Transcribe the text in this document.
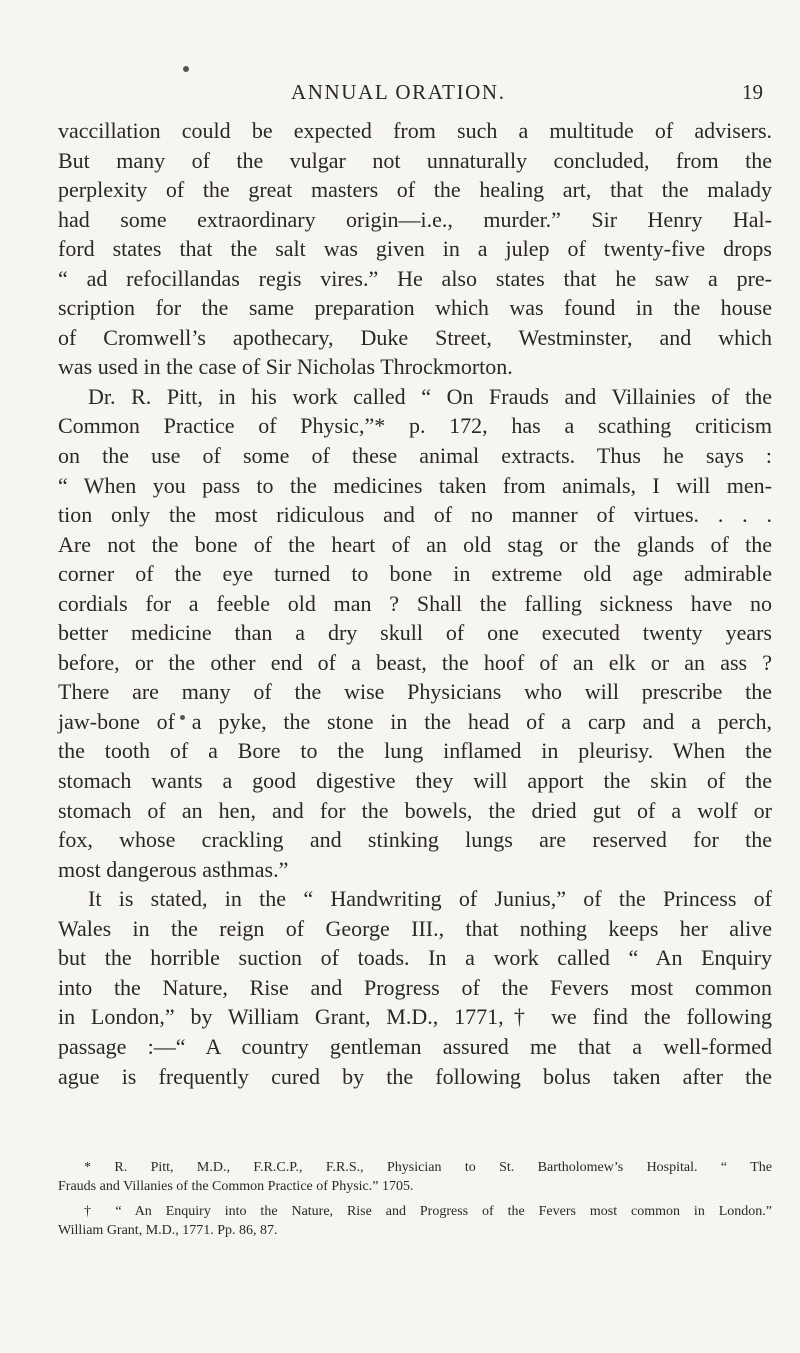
ANNUAL ORATION.	19
vaccillation could be expected from such a multitude of advisers.
But many of the vulgar not unnaturally concluded, from the
perplexity of the great masters of the healing art, that the malady
had some extraordinary origin—i.e., murder.” Sir Henry Hal-
ford states that the salt was given in a julep of twenty-five drops
“ ad refocillandas regis vires.” He also states that he saw a pre-
scription for the same preparation which was found in the house
of Cromwell’s apothecary, Duke Street, Westminster, and which
was used in the case of Sir Nicholas Throckmorton.
Dr. R. Pitt, in his work called “ On Frauds and Villainies of the
Common Practice of Physic,”* p. 172, has a scathing criticism
on the use of some of these animal extracts. Thus he says :
“ When you pass to the medicines taken from animals, I will men-
tion only the most ridiculous and of no manner of virtues. . . .
Are not the bone of the heart of an old stag or the glands of the
corner of the eye turned to bone in extreme old age admirable
cordials for a feeble old man ? Shall the falling sickness have no
better medicine than a dry skull of one executed twenty years
before, or the other end of a beast, the hoof of an elk or an ass ?
There are many of the wise Physicians who will prescribe the
jaw-bone of a pyke, the stone in the head of a carp and a perch,
the tooth of a Bore to the lung inflamed in pleurisy. When the
stomach wants a good digestive they will apport the skin of the
stomach of an hen, and for the bowels, the dried gut of a wolf or
fox, whose crackling and stinking lungs are reserved for the
most dangerous asthmas.”
It is stated, in the “ Handwriting of Junius,” of the Princess of
Wales in the reign of George III., that nothing keeps her alive
but the horrible suction of toads. In a work called “ An Enquiry
into the Nature, Rise and Progress of the Fevers most common
in London,” by William Grant, M.D., 1771,† we find the following
passage :—“ A country gentleman assured me that a well-formed
ague is frequently cured by the following bolus taken after the
* R. Pitt, M.D., F.R.C.P., F.R.S., Physician to St. Bartholomew’s Hospital. “ The
Frauds and Villanies of the Common Practice of Physic.” 1705.
† “ An Enquiry into the Nature, Rise and Progress of the Fevers most common in London.”
William Grant, M.D., 1771. Pp. 86, 87.
